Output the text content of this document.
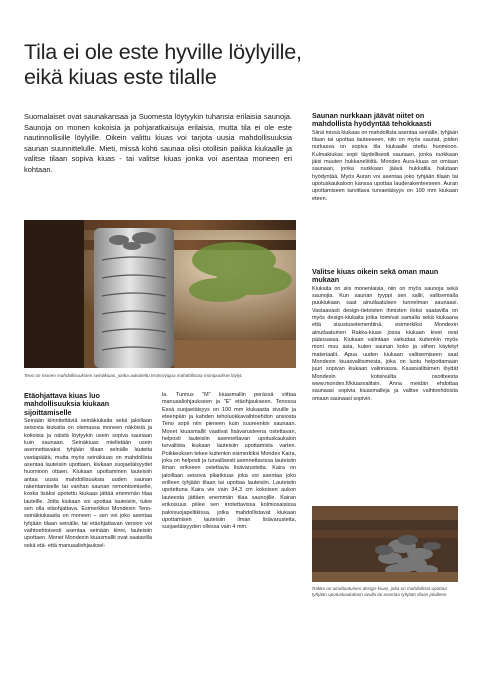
Tila ei ole este hyville löylyille,
eikä kiuas este tilalle

Suomalaiset ovat saunakansaa ja Suomesta löytyykin tuhansia erilaisia saunoja. Saunoja on monen kokoisia ja pohjaratkaisuja erilaisia, mutta tila ei ole este nautinnollisille löylyille. Oikein valittu kiuas voi tarjota uusia mahdollisuuksia saunan suunnittelulle. Mieti, missä kohti saunaa olisi otollisin paikka kiukaalle ja valitse tilaan sopiva kiuas - tai valitse kiuas jonka voi asentaa moneen eri kohtaan.

Teno on monen mahdollisuuksien seinäkiuas, jonka aukoiteltu terässivippa mahdollistaa monipuoliset löylyt.

Etäohjattava kiuas luo mahdollisuuksia kiukaan sijoittamiselle

Seinään kiinnitettäviä seinäkiukaita sekä jaloillaan seisovia kiukaita on olemassa moneen näköisiä ja kokoisia ja näistä löytyykin usein sopiva saunaan kuin saunaan. Seinäkiuas mielletään usein asennettavaksi tyhjään tilaan seinälle lauteita vastapäätä, mutta myös seinäkiuas on mahdollista asentaa lauteisiin upottaen, kiukaan suojaetäisyydet huomioon ottaen. Kiukaan upottaminen lauteisiin antaa uusia mahdollisuuksia uuden saunan rakentamiselle tai vanhan saunan remontoimiselle, koska lisäksi upotettu kiukaas jättää enemmän tilaa lauteille. Jotta kiukaan voi upottaa lauteisiin, tulee sen olla etäohjattava. Esimerkiksi Mondexin Teno-seinäkiukaasta on moneen – sen voi joko asentaa tyhjään tilaan seinälle, tai etäohjattavan version voi vaihtoehtoisesti asentaa seinään kinni, lauteisiin upottaen. Monet Mondexin kiuasmallit ovat saatavilla sekä etä- että manuaaliohjauksel-

la. Tunnus "M" kiuasmallin perässä viittaa manuaaliohjaukseen ja "E" etäohjaukseen. Tenossa Essä suojaetäisyys on 100 mm kiukaasta sivuille ja eteenpäin ja kahden teholuokkavaihtoehdon ansiosta Teno sopii niin pieneen kuin suureenkin saunaan. Monet kiuasmallit vaativat lisävarusteena ostettavan, helposti lauteisiin asennettavan upotuskaukalon turvallista kiukaan lauteisiin upottamista varten. Poikkeuksen tekee kuitenkin esimerkiksi Mondex Kaira, joka on helposti ja turvallisesti asennettavissa lauteisiin ilman erikseen ostettavia lisävarusteita. Kaira on jaloillaan seisova pilarikiuas joka voi asentaa joko erilleen tyhjään tilaan tai upottaa lauteisiin. Lauteisiin upotettuna Kaira vie vain 34,3 cm kokoisen aukon lauteesta jättäen enemmän tilaa saunojille. Kairan erikoisuus piilee sen irrotettavissa kolmiosaisissa paloisuojapeltikissa, jotka mahdollistavat kiukaan upottamisen lauteisiin ilman lisävarusteita, suojaetäisyyden ollessa vain 4 mm.

Saunan nurkkaan jäävät niitet on mahdollista hyödyntää tehokkaasti

Siinä missä kiukaas on mahdollista asentaa seinälle, tyhjään tilaan tai upottaa lauteeseen, niin on myös saunat, joiden nurkassa on sopiva tila kiukaalle otettu huomioon. Kulmakiukas sopii täydellisesti saunaan, jonka nurkkaan jäisi muuten hukkaneliöitä. Mondex Aura-kiuas on omiaan saunaan, jonka nurkkaan jäävä hukkatila halutaan hyödyntää. Myös Auran voi asentaa joko tyhjään tilaan tai upotuskaukaloon kanssa upottaa lauderakenteeseen. Auran upottamiseen tarvittava turvaetäisyys on 100 mm kiukaan eteen.

Valitse kiuas oikein sekä oman maun mukaan

Kiukaita on siis monenlaisia, niin on myös saunoja sekä saunojia. Kun saunan tyyppi sen sallii, valitsemalla puukiukaan saat ainutlaatuisen tunnelman saunaasi. Vastaavasti design-tietoisten ihmisten iloksi saatavilla on myös design-kiukaita jotka toimivat samalla sekä kiukaana että sisustuselementtinä, esimerkiksi Mondexin ainutlaatuinen Rakka-kiuas jossa kiukaan kivet ovat pääosassa. Kiukaan valintaan vaikuttaa kuitenkin myös moni muu asia, kuten saunan koko ja siihen käytetyt materiaalit. Apua uuden kiukaan valitsemiseen saat Mondexin kiuasvalitsimesta, joka on luotu helpottamaan juuri sopivan kiukaan valinnassa. Kiuasvalitsimen löydät Mondexin kotisivuilta osoitteesta www.mondex.fi/kiuasvalitsin. Anna meidän ehdottaa saunaasi sopivia kiuasmalleja ja valitse vaihtoehdoista omaan saunaasi sopivin.

Rakka on ainutlaatuinen design-kiuas, joka on mahdollista upottaa tyhjään upotuskaukaloon avulla tai asentaa tyhjään tilaan jalalleen.
